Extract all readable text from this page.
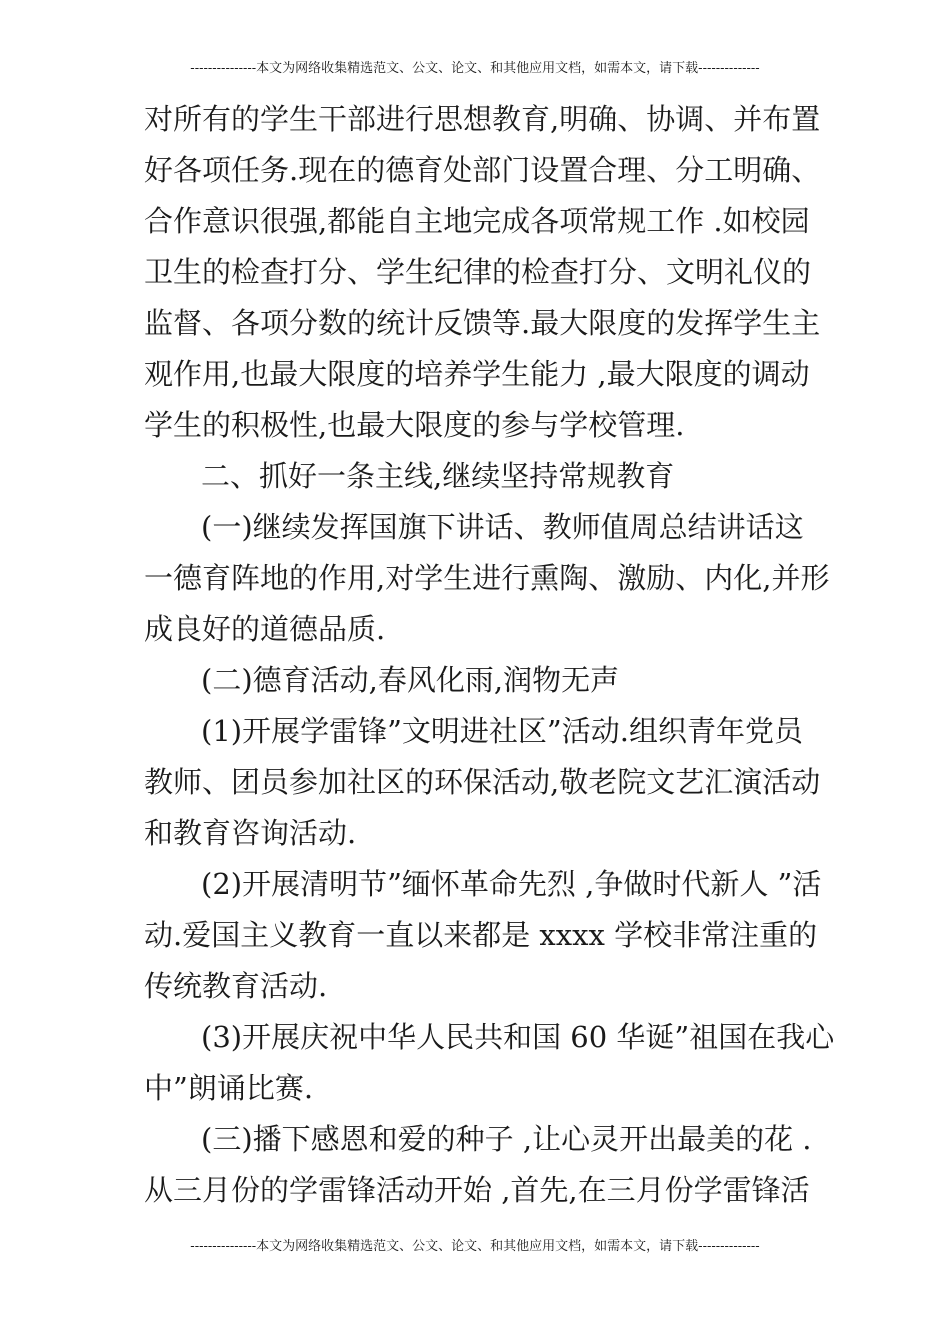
---------------本文为网络收集精选范文、公文、论文、和其他应用文档，如需本文，请下载--------------
对所有的学生干部进行思想教育,明确、协调、并布置
好各项任务.现在的德育处部门设置合理、分工明确、
合作意识很强,都能自主地完成各项常规工作 .如校园
卫生的检查打分、学生纪律的检查打分、文明礼仪的
监督、各项分数的统计反馈等.最大限度的发挥学生主
观作用,也最大限度的培养学生能力 ,最大限度的调动
学生的积极性,也最大限度的参与学校管理.
二、抓好一条主线,继续坚持常规教育
(一)继续发挥国旗下讲话、教师值周总结讲话这
一德育阵地的作用,对学生进行熏陶、激励、内化,并形
成良好的道德品质.
(二)德育活动,春风化雨,润物无声
(1)开展学雷锋”文明进社区”活动.组织青年党员
教师、团员参加社区的环保活动,敬老院文艺汇演活动
和教育咨询活动.
(2)开展清明节”缅怀革命先烈 ,争做时代新人 ”活
动.爱国主义教育一直以来都是 xxxx 学校非常注重的
传统教育活动.
(3)开展庆祝中华人民共和国 60 华诞”祖国在我心
中”朗诵比赛.
(三)播下感恩和爱的种子 ,让心灵开出最美的花 .
从三月份的学雷锋活动开始 ,首先,在三月份学雷锋活
---------------本文为网络收集精选范文、公文、论文、和其他应用文档，如需本文，请下载--------------
